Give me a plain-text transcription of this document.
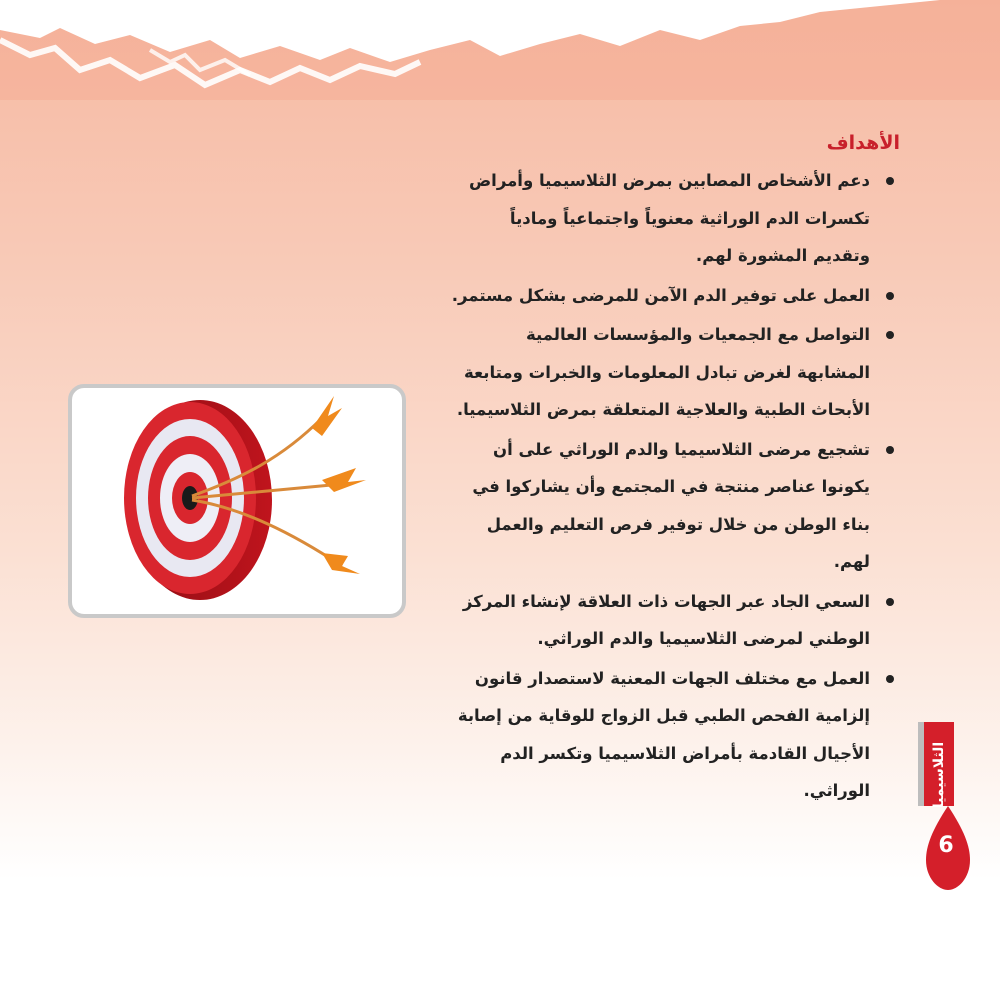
الأهداف
دعم الأشخاص المصابين بمرض الثلاسيميا وأمراض تكسرات الدم الوراثية معنوياً واجتماعياً ومادياً وتقديم المشورة لهم.
العمل على توفير الدم الآمن للمرضى بشكل مستمر.
التواصل مع الجمعيات والمؤسسات العالمية المشابهة لغرض تبادل المعلومات والخبرات ومتابعة الأبحاث الطبية والعلاجية المتعلقة بمرض الثلاسيميا.
تشجيع مرضى الثلاسيميا والدم الوراثي على أن يكونوا عناصر منتجة في المجتمع وأن يشاركوا في بناء الوطن من خلال توفير فرص التعليم والعمل لهم.
السعي الجاد عبر الجهات ذات العلاقة لإنشاء المركز الوطني لمرضى الثلاسيميا والدم الوراثي.
العمل مع مختلف الجهات المعنية لاستصدار قانون إلزامية الفحص الطبي قبل الزواج للوقاية من إصابة الأجيال القادمة بأمراض الثلاسيميا وتكسر الدم الوراثي.	الثلاسيميا
6
